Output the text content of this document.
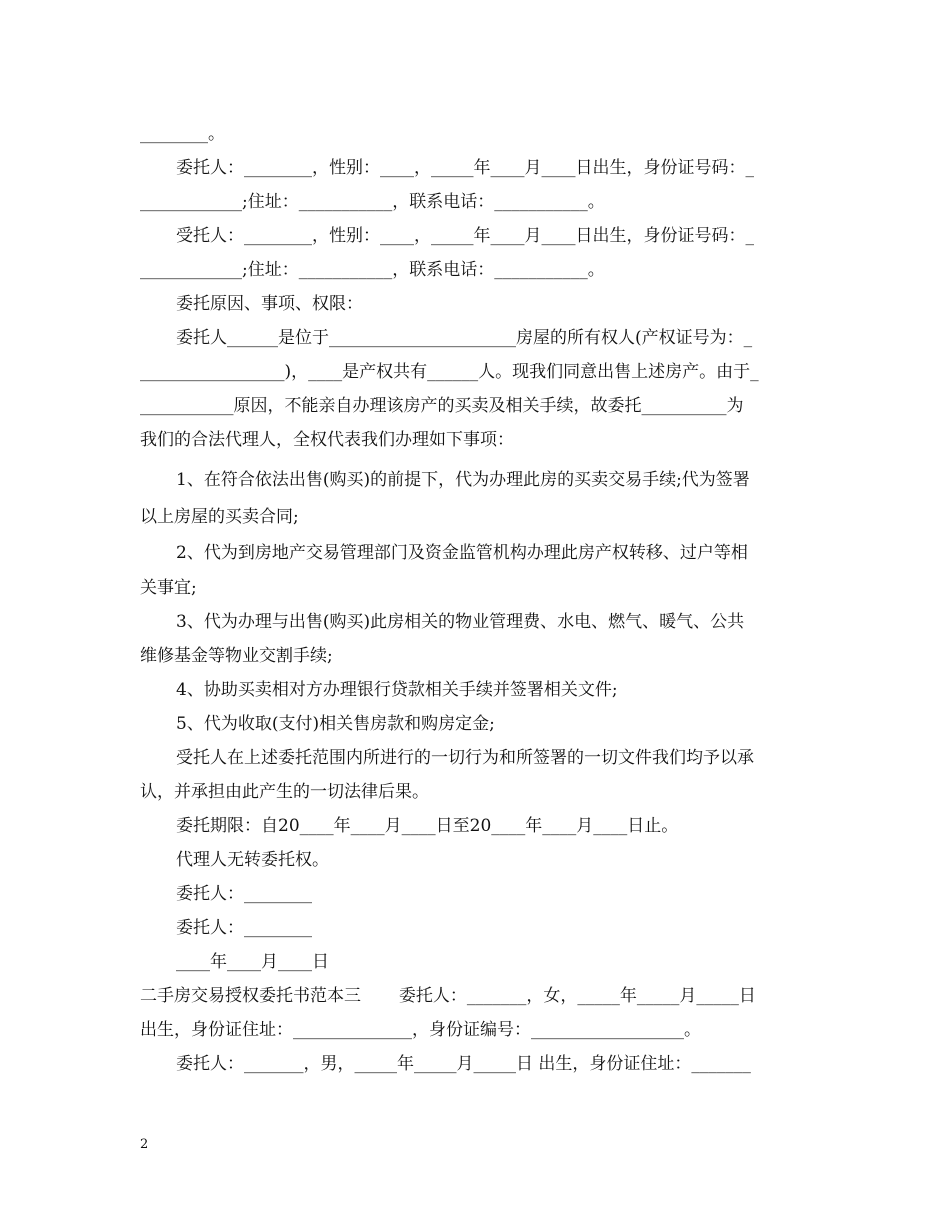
________。
委托人：________，性别：____，_____年____月____日出生，身份证号码：_
____________;住址：___________，联系电话：___________。
受托人：________，性别：____，_____年____月____日出生，身份证号码：_
____________;住址：___________，联系电话：___________。
委托原因、事项、权限：
委托人______是位于______________________房屋的所有权人(产权证号为：_
_________________)，____是产权共有______人。现我们同意出售上述房产。由于_
___________原因，不能亲自办理该房产的买卖及相关手续，故委托__________为
我们的合法代理人，全权代表我们办理如下事项：
1、在符合依法出售(购买)的前提下，代为办理此房的买卖交易手续;代为签署
以上房屋的买卖合同;
2、代为到房地产交易管理部门及资金监管机构办理此房产权转移、过户等相
关事宜;
3、代为办理与出售(购买)此房相关的物业管理费、水电、燃气、暖气、公共
维修基金等物业交割手续;
4、协助买卖相对方办理银行贷款相关手续并签署相关文件;
5、代为收取(支付)相关售房款和购房定金;
受托人在上述委托范围内所进行的一切行为和所签署的一切文件我们均予以承
认，并承担由此产生的一切法律后果。
委托期限：自20____年____月____日至20____年____月____日止。
代理人无转委托权。
委托人：________
委托人：________
____年____月____日
二手房交易授权委托书范本三       委托人：_______，女，_____年_____月_____日
出生，身份证住址：______________，身份证编号：__________________。
委托人：_______，男，_____年_____月_____日 出生，身份证住址：_______
2
